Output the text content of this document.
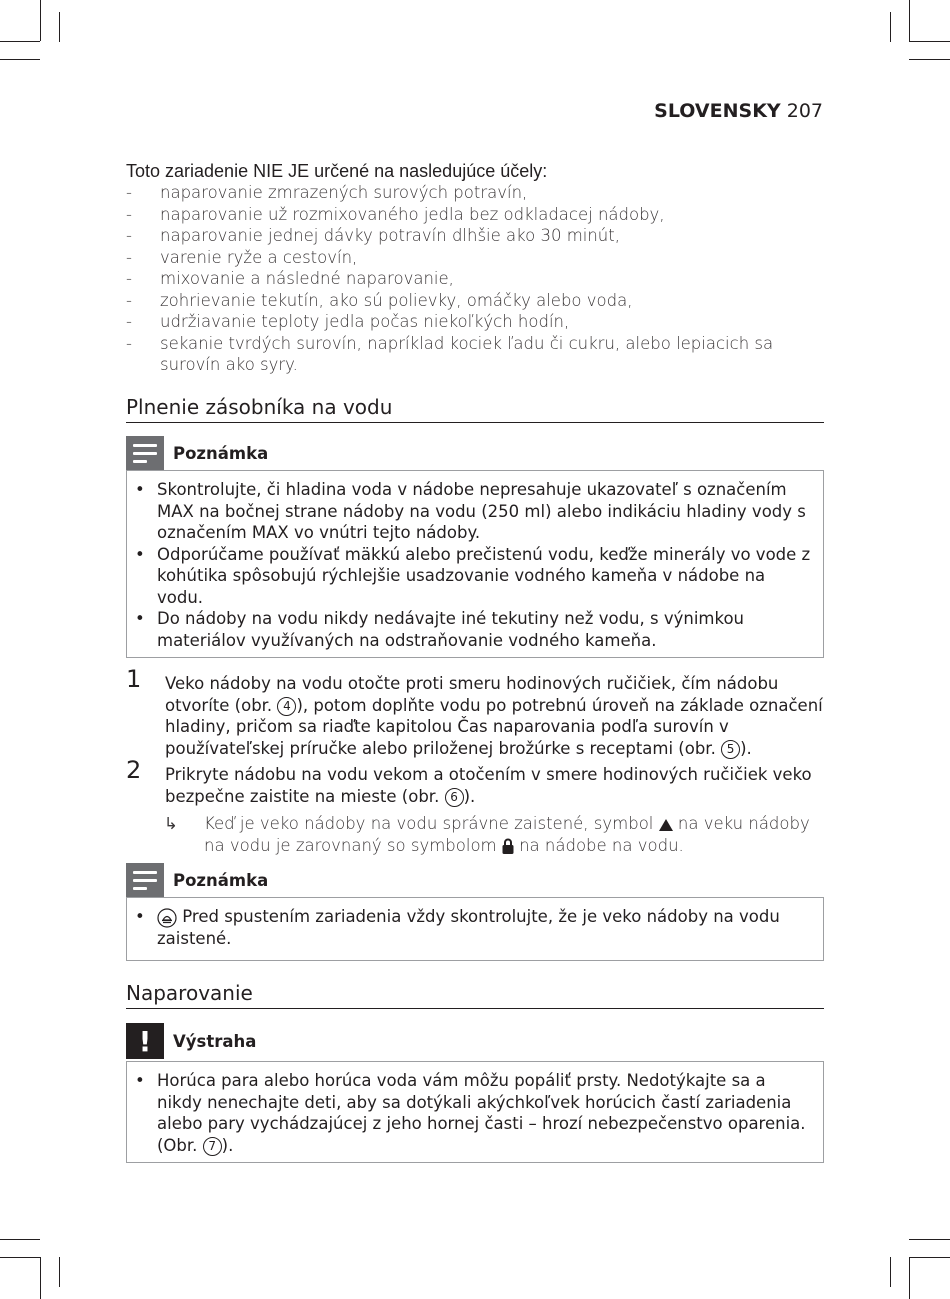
SLOVENSKY 207
Toto zariadenie NIE JE určené na nasledujúce účely:
- naparovanie zmrazených surových potravín,
- naparovanie už rozmixovaného jedla bez odkladacej nádoby,
- naparovanie jednej dávky potravín dlhšie ako 30 minút,
- varenie ryže a cestovín,
- mixovanie a následné naparovanie,
- zohrievanie tekutín, ako sú polievky, omáčky alebo voda,
- udržiavanie teploty jedla počas niekoľkých hodín,
- sekanie tvrdých surovín, napríklad kociek ľadu či cukru, alebo lepiacich sa surovín ako syry.
Plnenie zásobníka na vodu
Poznámka
• Skontrolujte, či hladina voda v nádobe nepresahuje ukazovateľ s označením MAX na bočnej strane nádoby na vodu (250 ml) alebo indikáciu hladiny vody s označením MAX vo vnútri tejto nádoby.
• Odporúčame používať mäkkú alebo prečistenú vodu, keďže minerály vo vode z kohútika spôsobujú rýchlejšie usadzovanie vodného kameňa v nádobe na vodu.
• Do nádoby na vodu nikdy nedávajte iné tekutiny než vodu, s výnimkou materiálov využívaných na odstraňovanie vodného kameňa.
1 Veko nádoby na vodu otočte proti smeru hodinových ručičiek, čím nádobu otvoríte (obr. 4 ), potom doplňte vodu po potrebnú úroveň na základe označení hladiny, pričom sa riaďte kapitolou Čas naparovania podľa surovín v používateľskej príručke alebo priloženej brožúrke s receptami (obr. 5 ).
2 Prikryte nádobu na vodu vekom a otočením v smere hodinových ručičiek veko bezpečne zaistite na mieste (obr. 6 ).
↳ Keď je veko nádoby na vodu správne zaistené, symbol  na veku nádoby na vodu je zarovnaný so symbolom  na nádobe na vodu.
Poznámka
• Pred spustením zariadenia vždy skontrolujte, že je veko nádoby na vodu zaistené.
Naparovanie
!	Výstraha
• Horúca para alebo horúca voda vám môžu popáliť prsty. Nedotýkajte sa a nikdy nenechajte deti, aby sa dotýkali akýchkoľvek horúcich častí zariadenia alebo pary vychádzajúcej z jeho hornej časti – hrozí nebezpečenstvo oparenia. (Obr. 7 ).
